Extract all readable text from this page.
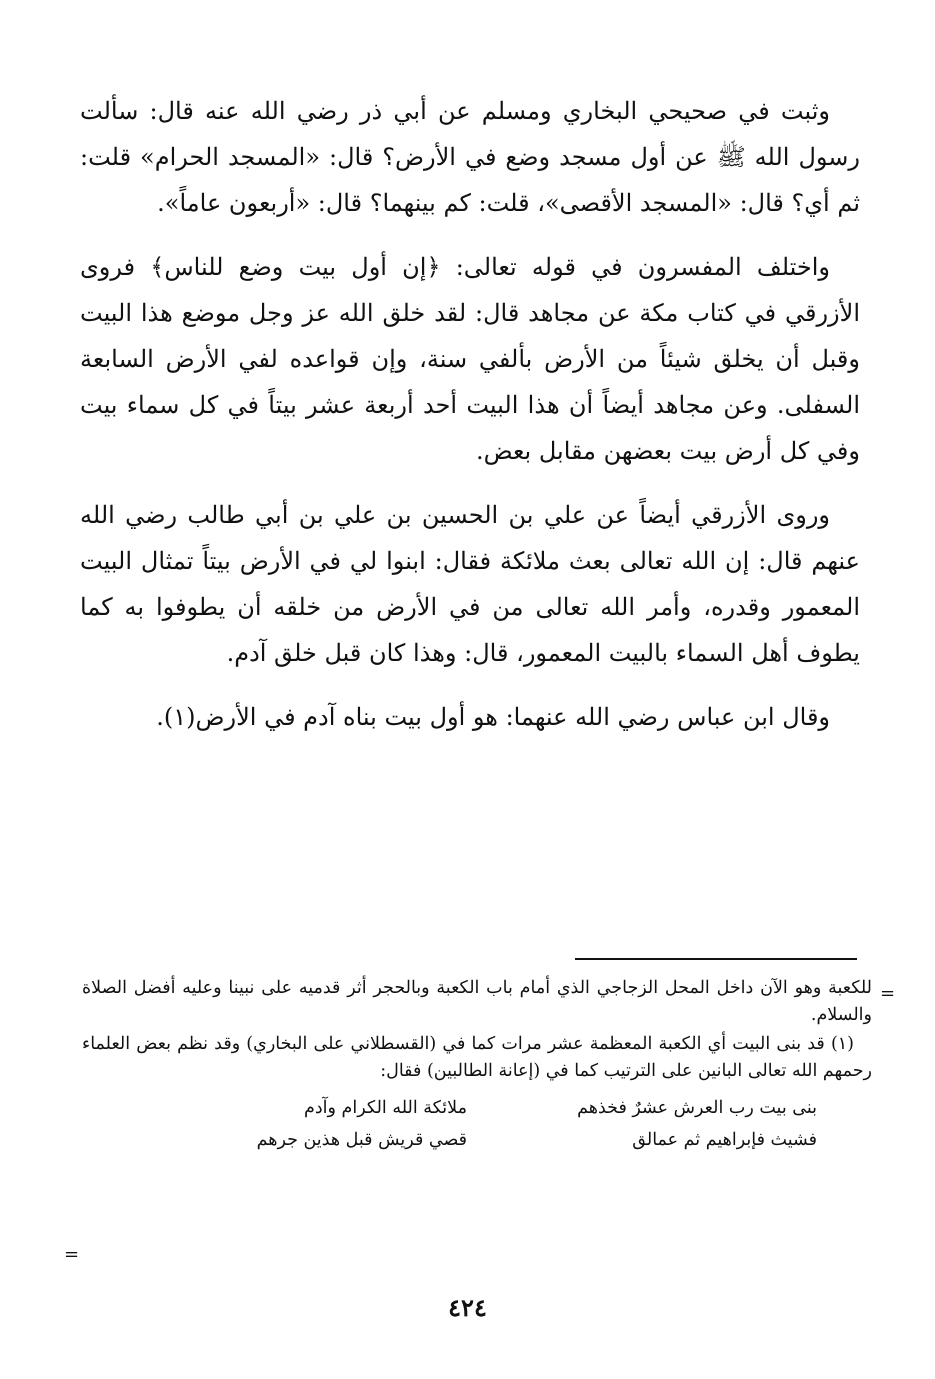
وثبت في صحيحي البخاري ومسلم عن أبي ذر رضي الله عنه قال: سألت رسول الله ﷺ عن أول مسجد وضع في الأرض؟ قال: «المسجد الحرام» قلت: ثم أي؟ قال: «المسجد الأقصى»، قلت: كم بينهما؟ قال: «أربعون عاماً».

واختلف المفسرون في قوله تعالى: ﴿إن أول بيت وضع للناس﴾ فروى الأزرقي في كتاب مكة عن مجاهد قال: لقد خلق الله عز وجل موضع هذا البيت وقبل أن يخلق شيئاً من الأرض بألفي سنة، وإن قواعده لفي الأرض السابعة السفلى. وعن مجاهد أيضاً أن هذا البيت أحد أربعة عشر بيتاً في كل سماء بيت وفي كل أرض بيت بعضهن مقابل بعض.

وروى الأزرقي أيضاً عن علي بن الحسين بن علي بن أبي طالب رضي الله عنهم قال: إن الله تعالى بعث ملائكة فقال: ابنوا لي في الأرض بيتاً تمثال البيت المعمور وقدره، وأمر الله تعالى من في الأرض من خلقه أن يطوفوا به كما يطوف أهل السماء بالبيت المعمور، قال: وهذا كان قبل خلق آدم.

وقال ابن عباس رضي الله عنهما: هو أول بيت بناه آدم في الأرض(١).

=

للكعبة وهو الآن داخل المحل الزجاجي الذي أمام باب الكعبة وبالحجر أثر قدميه على نبينا وعليه أفضل الصلاة والسلام.

(١) قد بنى البيت أي الكعبة المعظمة عشر مرات كما في (القسطلاني على البخاري) وقد نظم بعض العلماء رحمهم الله تعالى البانين على الترتيب كما في (إعانة الطالبين) فقال:

بنى بيت رب العرش عشرٌ فخذهم
ملائكة الله الكرام وآدم
فشيث فإبراهيم ثم عمالق
قصي قريش قبل هذين جرهم
=
٤٢٤
